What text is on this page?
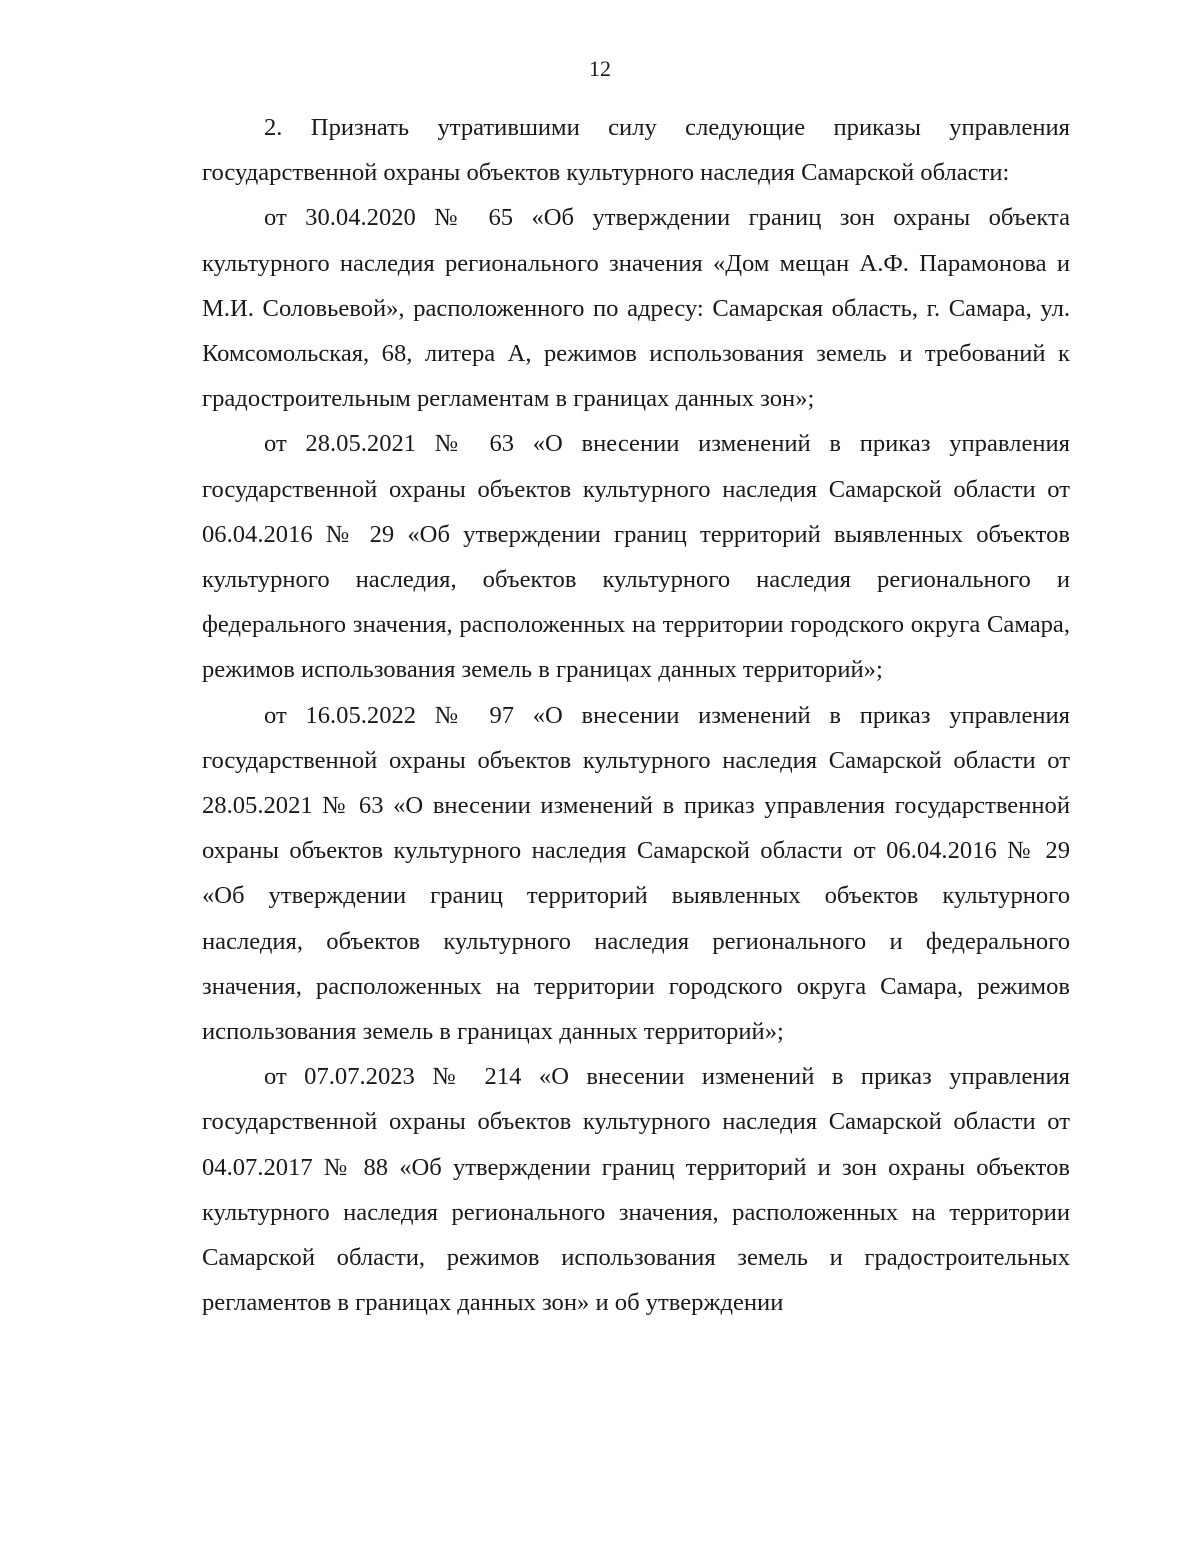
12

2. Признать утратившими силу следующие приказы управления государственной охраны объектов культурного наследия Самарской области:

от 30.04.2020 № 65 «Об утверждении границ зон охраны объекта культурного наследия регионального значения «Дом мещан А.Ф. Парамонова и М.И. Соловьевой», расположенного по адресу: Самарская область, г. Самара, ул. Комсомольская, 68, литера А, режимов использования земель и требований к градостроительным регламентам в границах данных зон»;

от 28.05.2021 № 63 «О внесении изменений в приказ управления государственной охраны объектов культурного наследия Самарской области от 06.04.2016 № 29 «Об утверждении границ территорий выявленных объектов культурного наследия, объектов культурного наследия регионального и федерального значения, расположенных на территории городского округа Самара, режимов использования земель в границах данных территорий»;

от 16.05.2022 № 97 «О внесении изменений в приказ управления государственной охраны объектов культурного наследия Самарской области от 28.05.2021 № 63 «О внесении изменений в приказ управления государственной охраны объектов культурного наследия Самарской области от 06.04.2016 № 29 «Об утверждении границ территорий выявленных объектов культурного наследия, объектов культурного наследия регионального и федерального значения, расположенных на территории городского округа Самара, режимов использования земель в границах данных территорий»;

от 07.07.2023 № 214 «О внесении изменений в приказ управления государственной охраны объектов культурного наследия Самарской области от 04.07.2017 № 88 «Об утверждении границ территорий и зон охраны объектов культурного наследия регионального значения, расположенных на территории Самарской области, режимов использования земель и градостроительных регламентов в границах данных зон» и об утверждении
